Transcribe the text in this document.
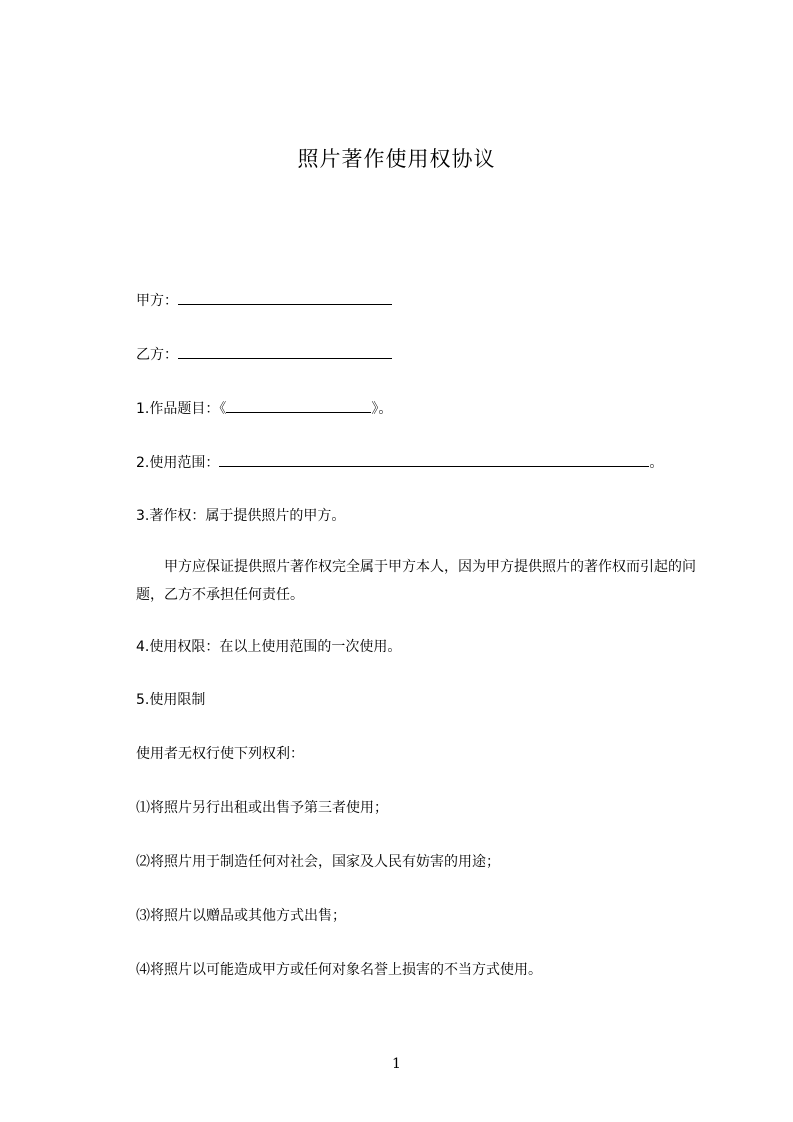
照片著作使用权协议
甲方：
乙方：
1.作品题目：《	》。
2.使用范围：	。
3.著作权：属于提供照片的甲方。
甲方应保证提供照片著作权完全属于甲方本人，因为甲方提供照片的著作权而引起的问题，乙方不承担任何责任。
4.使用权限：在以上使用范围的一次使用。
5.使用限制
使用者无权行使下列权利：
⑴将照片另行出租或出售予第三者使用；
⑵将照片用于制造任何对社会，国家及人民有妨害的用途；
⑶将照片以赠品或其他方式出售；
⑷将照片以可能造成甲方或任何对象名誉上损害的不当方式使用。
1
